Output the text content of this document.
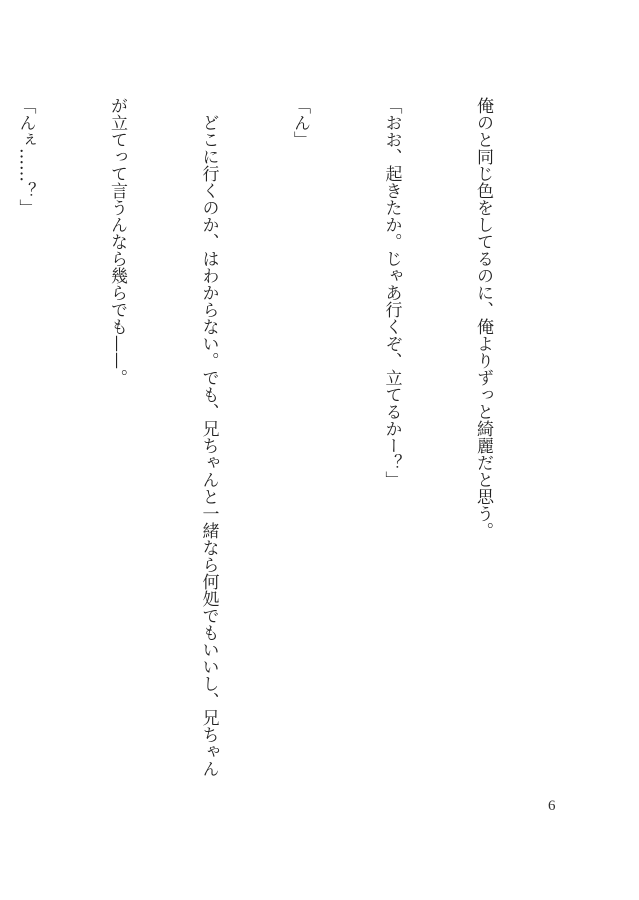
俺のと同じ色をしてるのに、俺よりずっと綺麗だと思う。

「おお、起きたか。じゃあ行くぞ、立てるかー？」

「ん」

　どこに行くのか、はわからない。でも、兄ちゃんと一緒なら何処でもいいし、兄ちゃん

が立てって言うんなら幾らでも——。

「んぇ……？」

6
